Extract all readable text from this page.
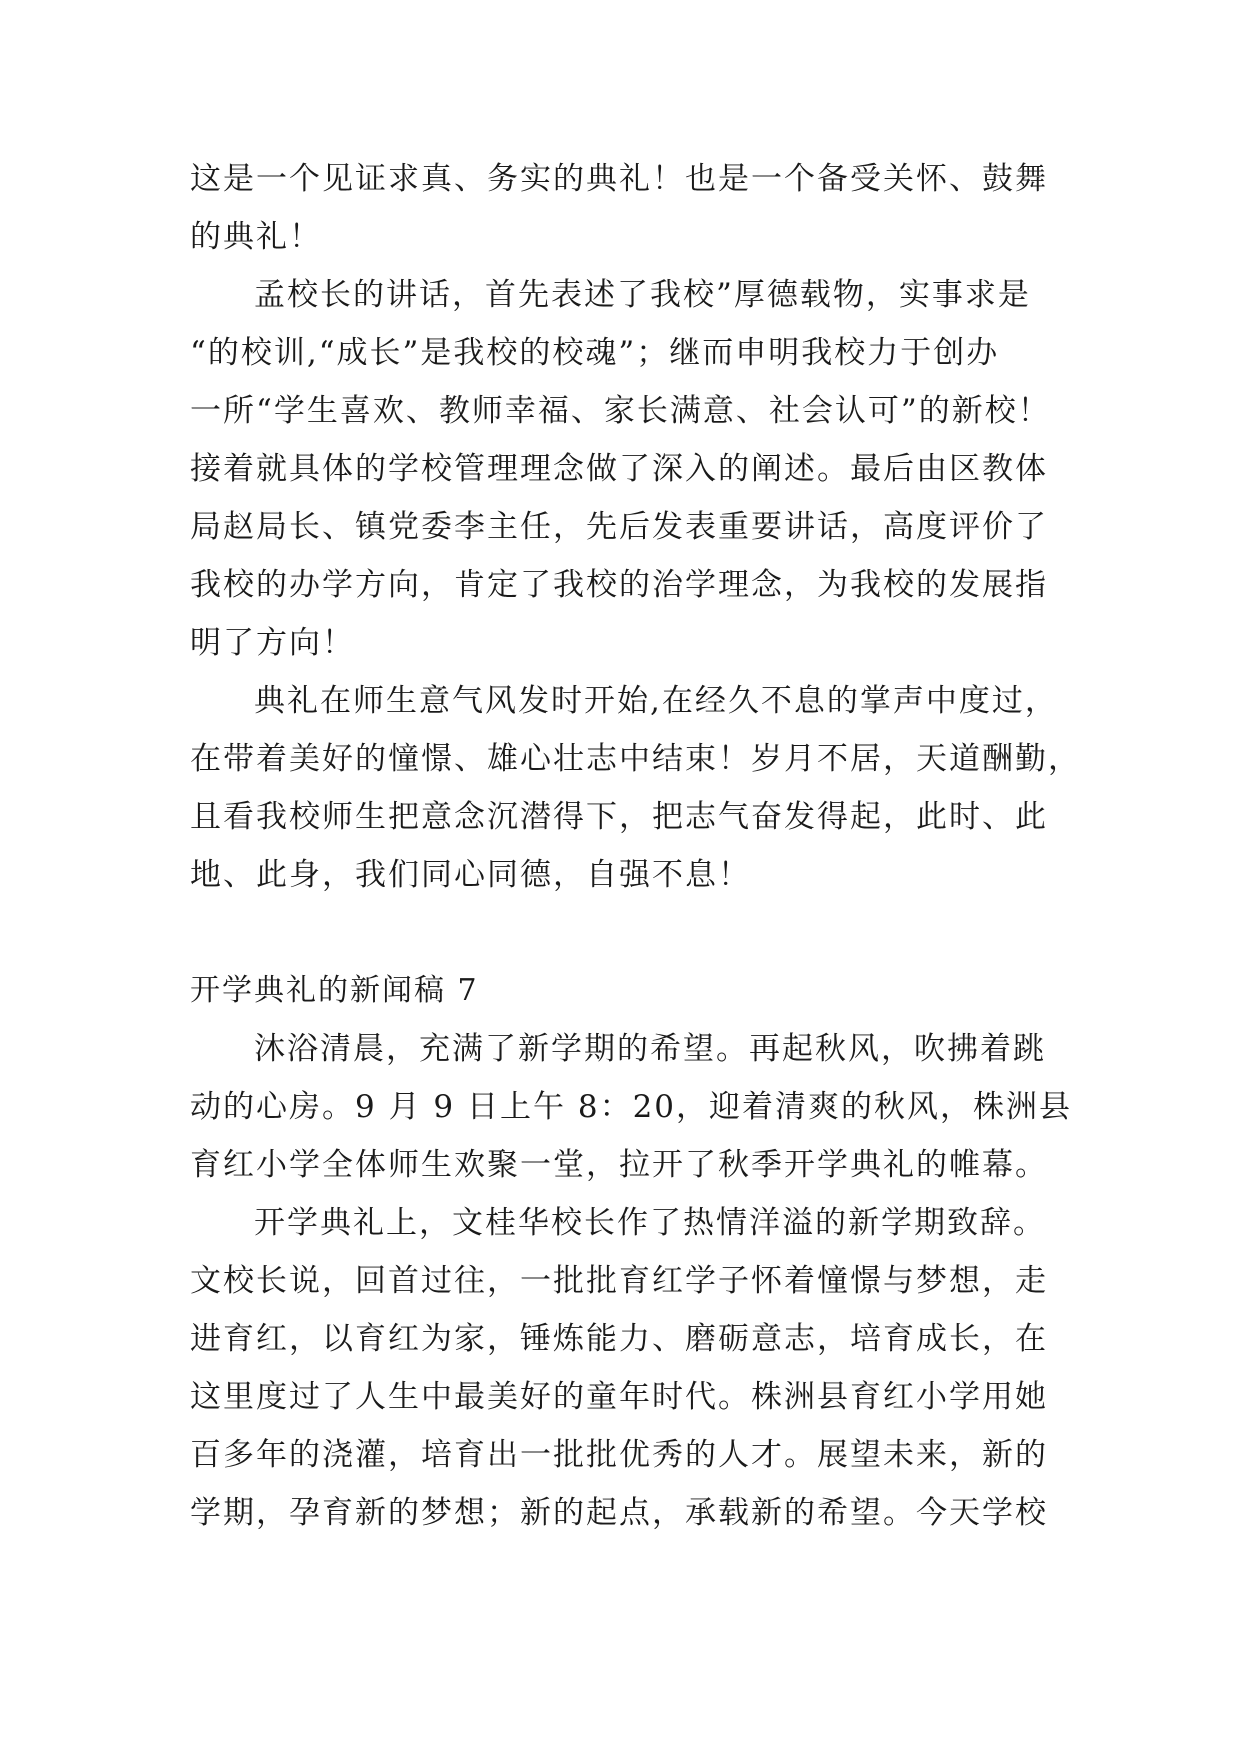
这是一个见证求真、务实的典礼！也是一个备受关怀、鼓舞
的典礼！

孟校长的讲话，首先表述了我校”厚德载物，实事求是
“的校训,“成长”是我校的校魂”；继而申明我校力于创办
一所“学生喜欢、教师幸福、家长满意、社会认可”的新校！
接着就具体的学校管理理念做了深入的阐述。最后由区教体
局赵局长、镇党委李主任，先后发表重要讲话，高度评价了
我校的办学方向，肯定了我校的治学理念，为我校的发展指
明了方向！

典礼在师生意气风发时开始,在经久不息的掌声中度过，
在带着美好的憧憬、雄心壮志中结束！岁月不居，天道酬勤，
且看我校师生把意念沉潜得下，把志气奋发得起，此时、此
地、此身，我们同心同德，自强不息！

开学典礼的新闻稿 7

沐浴清晨，充满了新学期的希望。再起秋风，吹拂着跳
动的心房。9 月 9 日上午 8：20，迎着清爽的秋风，株洲县
育红小学全体师生欢聚一堂，拉开了秋季开学典礼的帷幕。

开学典礼上，文桂华校长作了热情洋溢的新学期致辞。
文校长说，回首过往，一批批育红学子怀着憧憬与梦想，走
进育红，以育红为家，锤炼能力、磨砺意志，培育成长，在
这里度过了人生中最美好的童年时代。株洲县育红小学用她
百多年的浇灌，培育出一批批优秀的人才。展望未来，新的
学期，孕育新的梦想；新的起点，承载新的希望。今天学校
